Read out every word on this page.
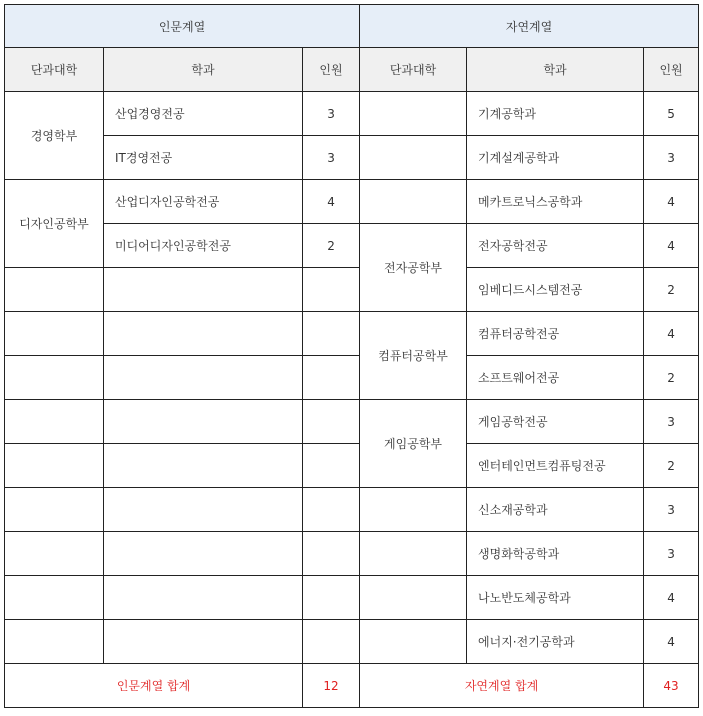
인문계열			자연계열		
단과대학	학과	인원	단과대학	학과	인원
경영학부	산업경영전공	3		기계공학과	5
	IT경영전공	3		기계설계공학과	3
디자인공학부	산업디자인공학전공	4		메카트로닉스공학과	4
	미디어디자인공학전공	2	전자공학부	전자공학전공	4
				임베디드시스템전공	2
			컴퓨터공학부	컴퓨터공학전공	4
				소프트웨어전공	2
			게임공학부	게임공학전공	3
				엔터테인먼트컴퓨팅전공	2
				신소재공학과	3
				생명화학공학과	3
				나노반도체공학과	4
				에너지·전기공학과	4
인문계열 합계		12	자연계열 합계		43
